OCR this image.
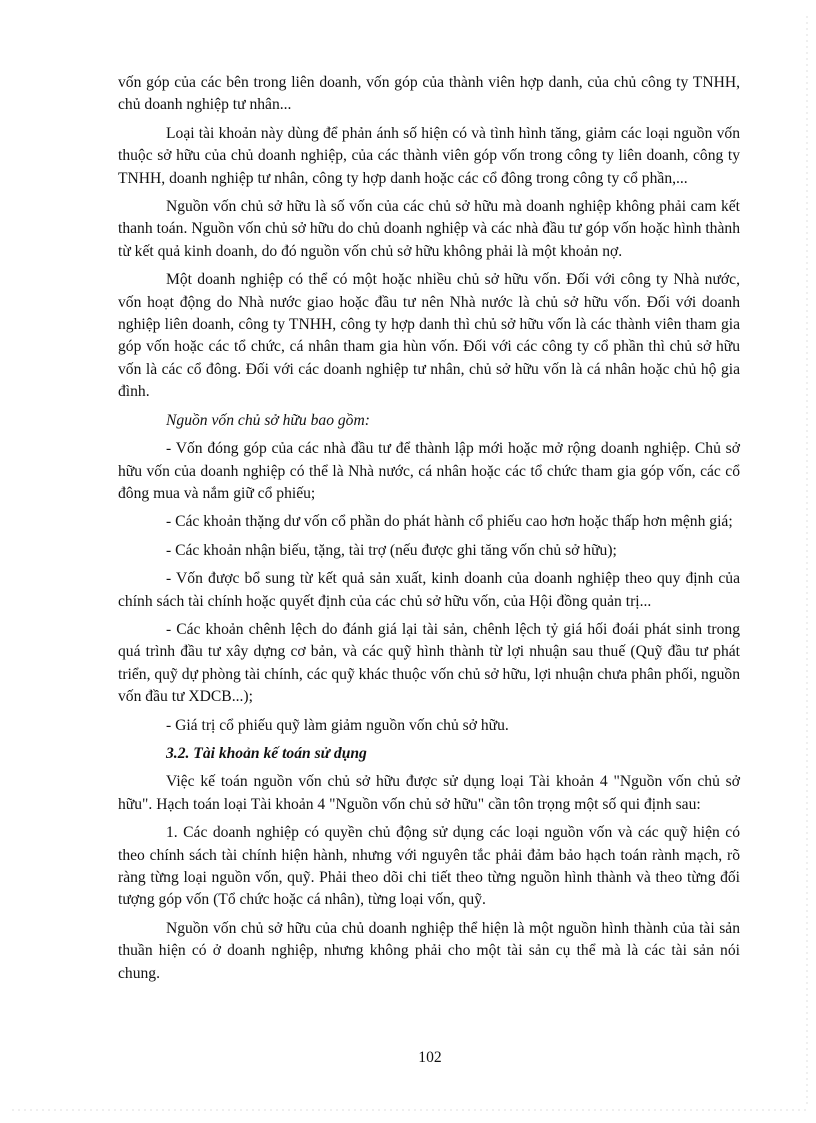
vốn góp của các bên trong liên doanh, vốn góp của thành viên hợp danh, của chủ công ty TNHH, chủ doanh nghiệp tư nhân...

Loại tài khoản này dùng để phản ánh số hiện có và tình hình tăng, giảm các loại nguồn vốn thuộc sở hữu của chủ doanh nghiệp, của các thành viên góp vốn trong công ty liên doanh, công ty TNHH, doanh nghiệp tư nhân, công ty hợp danh hoặc các cổ đông trong công ty cổ phần,...

Nguồn vốn chủ sở hữu là số vốn của các chủ sở hữu mà doanh nghiệp không phải cam kết thanh toán. Nguồn vốn chủ sở hữu do chủ doanh nghiệp và các nhà đầu tư góp vốn hoặc hình thành từ kết quả kinh doanh, do đó nguồn vốn chủ sở hữu không phải là một khoản nợ.

Một doanh nghiệp có thể có một hoặc nhiều chủ sở hữu vốn. Đối với công ty Nhà nước, vốn hoạt động do Nhà nước giao hoặc đầu tư nên Nhà nước là chủ sở hữu vốn. Đối với doanh nghiệp liên doanh, công ty TNHH, công ty hợp danh thì chủ sở hữu vốn là các thành viên tham gia góp vốn hoặc các tổ chức, cá nhân tham gia hùn vốn. Đối với các công ty cổ phần thì chủ sở hữu vốn là các cổ đông. Đối với các doanh nghiệp tư nhân, chủ sở hữu vốn là cá nhân hoặc chủ hộ gia đình.

Nguồn vốn chủ sở hữu bao gồm:

- Vốn đóng góp của các nhà đầu tư để thành lập mới hoặc mở rộng doanh nghiệp. Chủ sở hữu vốn của doanh nghiệp có thể là Nhà nước, cá nhân hoặc các tổ chức tham gia góp vốn, các cổ đông mua và nắm giữ cổ phiếu;

- Các khoản thặng dư vốn cổ phần do phát hành cổ phiếu cao hơn hoặc thấp hơn mệnh giá;

- Các khoản nhận biếu, tặng, tài trợ (nếu được ghi tăng vốn chủ sở hữu);

- Vốn được bổ sung từ kết quả sản xuất, kinh doanh của doanh nghiệp theo quy định của chính sách tài chính hoặc quyết định của các chủ sở hữu vốn, của Hội đồng quản trị...

- Các khoản chênh lệch do đánh giá lại tài sản, chênh lệch tỷ giá hối đoái phát sinh trong quá trình đầu tư xây dựng cơ bản, và các quỹ hình thành từ lợi nhuận sau thuế (Quỹ đầu tư phát triển, quỹ dự phòng tài chính, các quỹ khác thuộc vốn chủ sở hữu, lợi nhuận chưa phân phối, nguồn vốn đầu tư XDCB...);

- Giá trị cổ phiếu quỹ làm giảm nguồn vốn chủ sở hữu.

3.2. Tài khoản kế toán sử dụng

Việc kế toán nguồn vốn chủ sở hữu được sử dụng loại Tài khoản 4 "Nguồn vốn chủ sở hữu". Hạch toán loại Tài khoản 4 "Nguồn vốn chủ sở hữu" cần tôn trọng một số qui định sau:

1. Các doanh nghiệp có quyền chủ động sử dụng các loại nguồn vốn và các quỹ hiện có theo chính sách tài chính hiện hành, nhưng với nguyên tắc phải đảm bảo hạch toán rành mạch, rõ ràng từng loại nguồn vốn, quỹ. Phải theo dõi chi tiết theo từng nguồn hình thành và theo từng đối tượng góp vốn (Tổ chức hoặc cá nhân), từng loại vốn, quỹ.

Nguồn vốn chủ sở hữu của chủ doanh nghiệp thể hiện là một nguồn hình thành của tài sản thuần hiện có ở doanh nghiệp, nhưng không phải cho một tài sản cụ thể mà là các tài sản nói chung.

102
